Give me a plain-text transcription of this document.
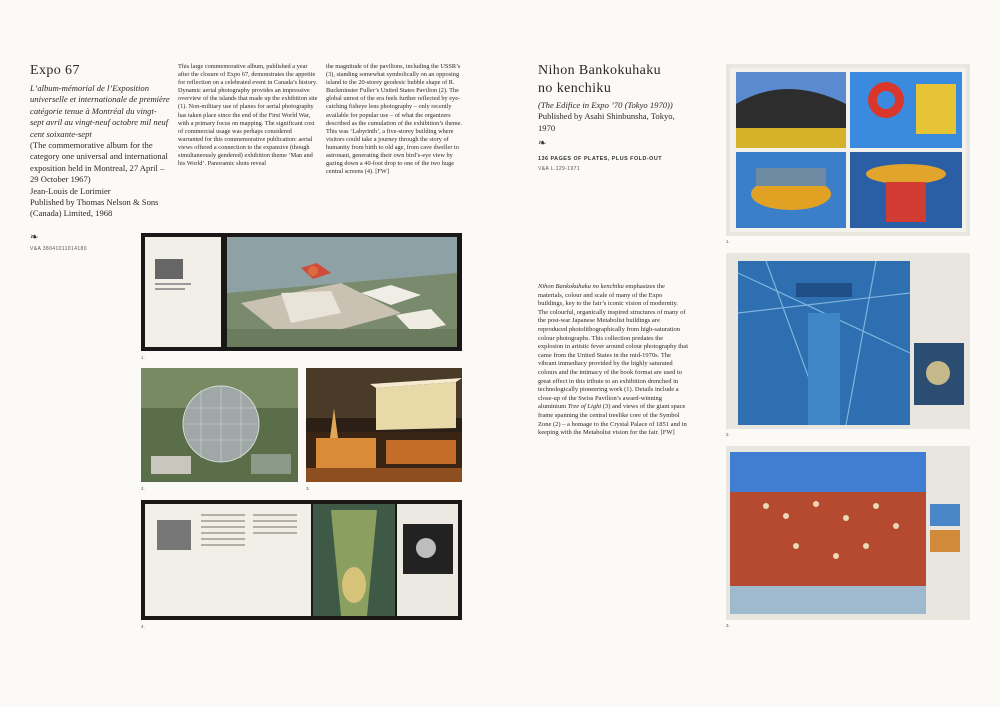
Expo 67

L’album-mémorial de l’Exposition universelle et internationale de première catégorie tenue à Montréal du vingt-sept avril au vingt-neuf octobre mil neuf cent soixante-sept

(The commemorative album for the category one universal and international exposition held in Montreal, 27 April – 29 October 1967)

Jean-Louis de Lorimier

Published by Thomas Nelson & Sons (Canada) Limited, 1968

❧
V&A 38041011014180
This large commemorative album, published a year after the closure of Expo 67, demonstrates the appetite for reflection on a celebrated event in Canada’s history. Dynamic aerial photography provides an impressive overview of the islands that made up the exhibition site (1). Non-military use of planes for aerial photography has taken place since the end of the First World War, with a primary focus on mapping. The significant cost of commercial usage was perhaps considered warranted for this commemorative publication: aerial views offered a connection to the expansive (though simultaneously gendered) exhibition theme ‘Man and his World’. Panoramic shots reveal
the magnitude of the pavilions, including the USSR’s (3), standing somewhat symbolically on an opposing island to the 20-storey geodesic bubble shape of R. Buckminster Fuller’s United States Pavilion (2). The global unrest of the era feels further reflected by eye-catching fisheye lens photography – only recently available for popular use – of what the organizers described as the cumulation of the exhibition’s theme. This was ‘Labyrinth’, a five-storey building where visitors could take a journey through the story of humanity from birth to old age, from cave dweller to astronaut, generating their own bird’s-eye view by gazing down a 40-foot drop to one of the two huge central screens (4). [FW]
1.
2.	3.
4.
Nihon Bankokuhaku
no kenchiku

(The Edifice in Expo ’70 (Tokyo 1970))

Published by Asahi Shinbunsha, Tokyo, 1970

❧
136 PAGES OF PLATES, PLUS FOLD-OUT
V&A L.129-1971
Nihon Bankokuhaku no kenchiku emphasizes the materials, colour and scale of many of the Expo buildings, key to the fair’s iconic vision of modernity. The colourful, organically inspired structures of many of the post-war Japanese Metabolist buildings are reproduced photolithographically from high-saturation colour photographs. This collection predates the explosion in artistic fever around colour photography that came from the United States in the mid-1970s. The vibrant immediacy provided by the highly saturated colours and the intimacy of the book format are used to great effect in this tribute to an exhibition drenched in technologically pioneering work (1). Details include a close-up of the Swiss Pavilion’s award-winning aluminium Tree of Light (3) and views of the giant space frame spanning the central treelike core of the Symbol Zone (2) – a homage to the Crystal Palace of 1851 and in keeping with the Metabolist vision for the fair. [FW]
1.
2.
3.
